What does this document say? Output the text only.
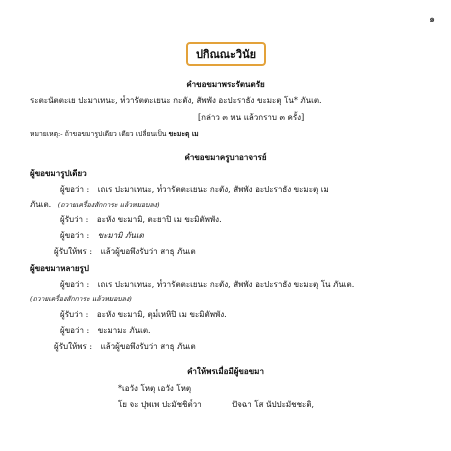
๑
ปกิณณะวินัย
คำขอขมาพระรัตนตรัย
ระตะนัตตะเย ปะมาเทนะ, ท๎วารัตตะเยนะ กะตัง, สัพพัง อะปะราธัง ขะมะตุ โน* ภันเต.
[กล่าว ๓ หน แล้วกราบ ๓ ครั้ง]
หมายเหตุ:- ถ้าขอขมารูปเดียว เดียว เปลี่ยนเป็น ขะมะตุ เม
คำขอขมาครูบาอาจารย์
ผู้ขอขมารูปเดียว
ผู้ขอว่า : เถเร ปะมาเทนะ, ท๎วารัตตะเยนะ กะตัง, สัพพัง อะปะราธัง ขะมะตุ เม
ภันเต. (ถวายเครื่องสักการะ แล้วหมอบลง)
ผู้รับว่า : อะหัง ขะมามิ, ตะยาปิ เม ขะมิตัพพัง.
ผู้ขอว่า : ขะมามิ ภันเต
ผู้รับให้พร : แล้วผู้ขอพึงรับว่า สาธุ ภันเต
ผู้ขอขมาหลายรูป
ผู้ขอว่า : เถเร ปะมาเทนะ, ท๎วารัตตะเยนะ กะตัง, สัพพัง อะปะราธัง ขะมะตุ โน ภันเต.
(ถวายเครื่องสักการะ แล้วหมอบลง)
ผู้รับว่า : อะหัง ขะมามิ, ตุม๎เหหิปิ เม ขะมิตัพพัง.
ผู้ขอว่า : ขะมามะ ภันเต.
ผู้รับให้พร : แล้วผู้ขอพึงรับว่า สาธุ ภันเต
คำให้พรเมื่อมีผู้ขอขมา
*เอวัง โหตุ เอวัง โหตุ
โย จะ ปุพเพ ปะมัชชิต๎วา	ปัจฉา โส นัปปะมัชชะติ,
